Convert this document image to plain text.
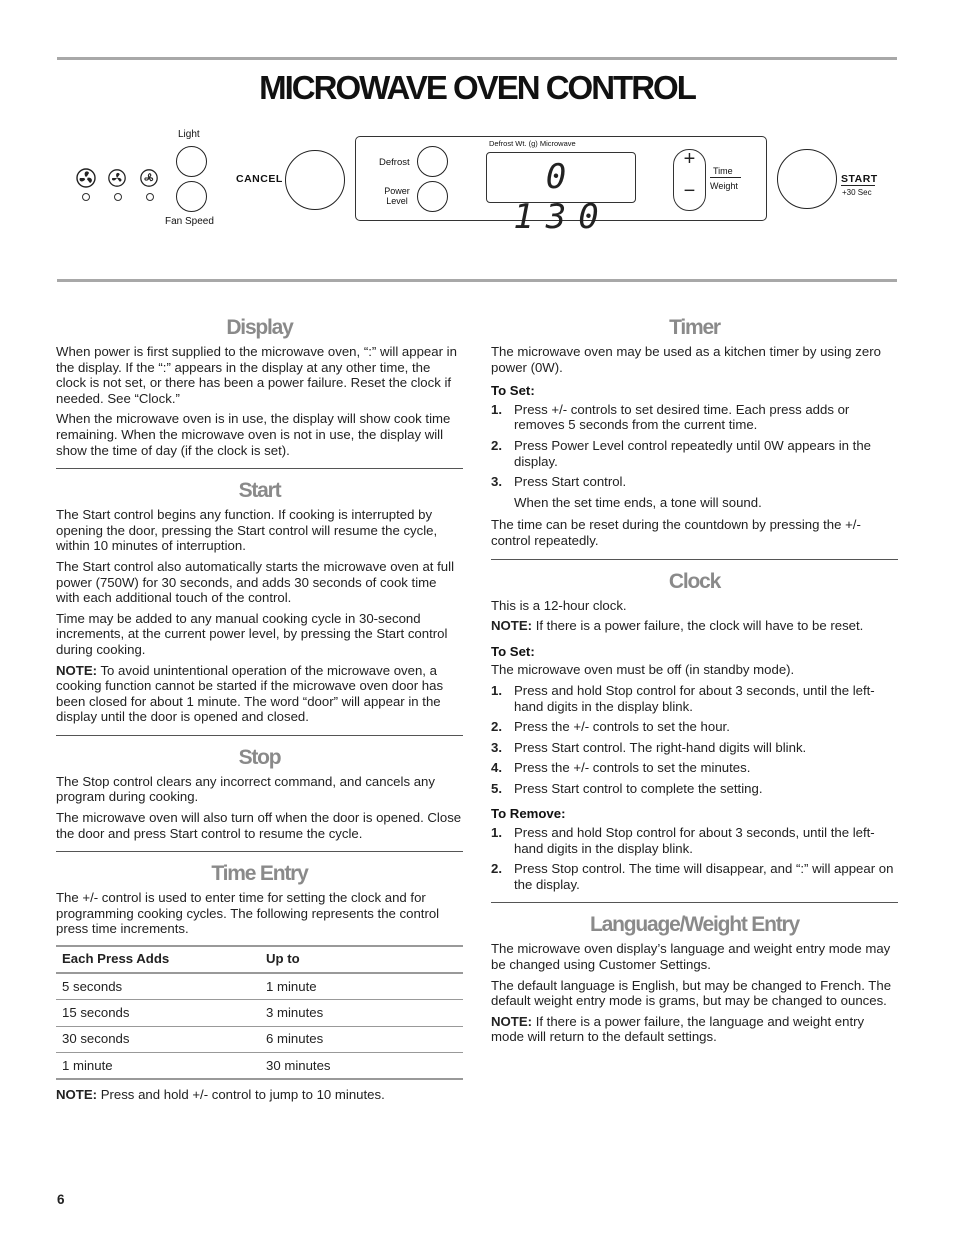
MICROWAVE OVEN CONTROL
Light
Fan Speed
CANCEL
Defrost
Power
Level
Defrost Wt. (g) Microwave
0 130
+
−
Time
Weight
START
+30 Sec
Display

When power is first supplied to the microwave oven, “:” will appear in the display. If the “:” appears in the display at any other time, the clock is not set, or there has been a power failure. Reset the clock if needed. See “Clock.”

When the microwave oven is in use, the display will show cook time remaining. When the microwave oven is not in use, the display will show the time of day (if the clock is set).

Start

The Start control begins any function. If cooking is interrupted by opening the door, pressing the Start control will resume the cycle, within 10 minutes of interruption.

The Start control also automatically starts the microwave oven at full power (750W) for 30 seconds, and adds 30 seconds of cook time with each additional touch of the control.

Time may be added to any manual cooking cycle in 30-second increments, at the current power level, by pressing the Start control during cooking.

NOTE: To avoid unintentional operation of the microwave oven, a cooking function cannot be started if the microwave oven door has been closed for about 1 minute. The word “door” will appear in the display until the door is opened and closed.

Stop

The Stop control clears any incorrect command, and cancels any program during cooking.

The microwave oven will also turn off when the door is opened. Close the door and press Start control to resume the cycle.

Time Entry

The +/- control is used to enter time for setting the clock and for programming cooking cycles. The following represents the control press time increments.

Each Press Adds	Up to
5 seconds	1 minute
15 seconds	3 minutes
30 seconds	6 minutes
1 minute	30 minutes

NOTE: Press and hold +/- control to jump to 10 minutes.

Timer

The microwave oven may be used as a kitchen timer by using zero power (0W).

To Set:
1. Press +/- controls to set desired time. Each press adds or removes 5 seconds from the current time.
2. Press Power Level control repeatedly until 0W appears in the display.
3. Press Start control.

When the set time ends, a tone will sound.

The time can be reset during the countdown by pressing the +/- control repeatedly.

Clock

This is a 12-hour clock.

NOTE: If there is a power failure, the clock will have to be reset.

To Set:

The microwave oven must be off (in standby mode).

1. Press and hold Stop control for about 3 seconds, until the left-hand digits in the display blink.
2. Press the +/- controls to set the hour.
3. Press Start control. The right-hand digits will blink.
4. Press the +/- controls to set the minutes.
5. Press Start control to complete the setting.
To Remove:
1. Press and hold Stop control for about 3 seconds, until the left-hand digits in the display blink.
2. Press Stop control. The time will disappear, and “:” will appear on the display.
Language/Weight Entry

The microwave oven display’s language and weight entry mode may be changed using Customer Settings.

The default language is English, but may be changed to French. The default weight entry mode is grams, but may be changed to ounces.

NOTE: If there is a power failure, the language and weight entry mode will return to the default settings.

6
